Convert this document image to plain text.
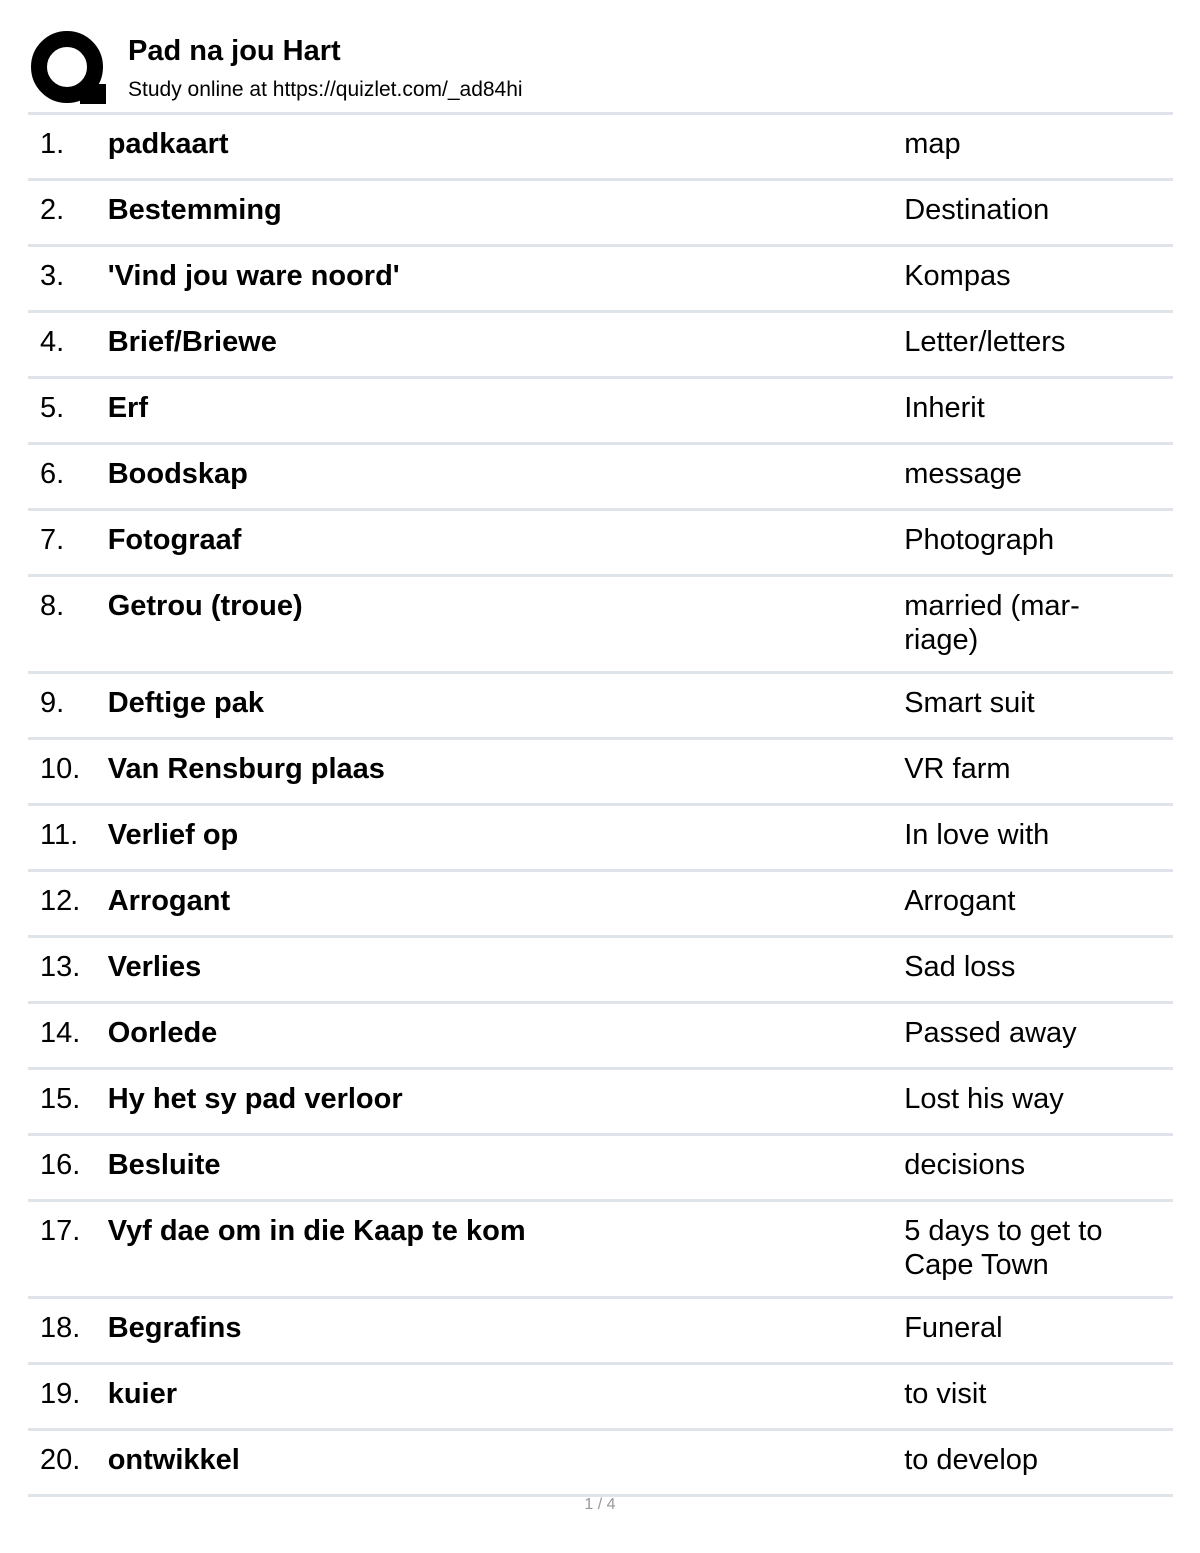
Pad na jou Hart
Study online at https://quizlet.com/_ad84hi
1.	padkaart	map
2.	Bestemming	Destination
3.	'Vind jou ware noord'	Kompas
4.	Brief/Briewe	Letter/letters
5.	Erf	Inherit
6.	Boodskap	message
7.	Fotograaf	Photograph
8.	Getrou (troue)	married (mar-
riage)
9.	Deftige pak	Smart suit
10. Van Rensburg plaas	VR farm
11.	Verlief op	In love with
12. Arrogant	Arrogant
13. Verlies	Sad loss
14. Oorlede	Passed away
15. Hy het sy pad verloor	Lost his way
16. Besluite	decisions
17. Vyf dae om in die Kaap te kom	5 days to get to
Cape Town
18. Begrafins	Funeral
19. kuier	to visit
20. ontwikkel	to develop
1 / 4
